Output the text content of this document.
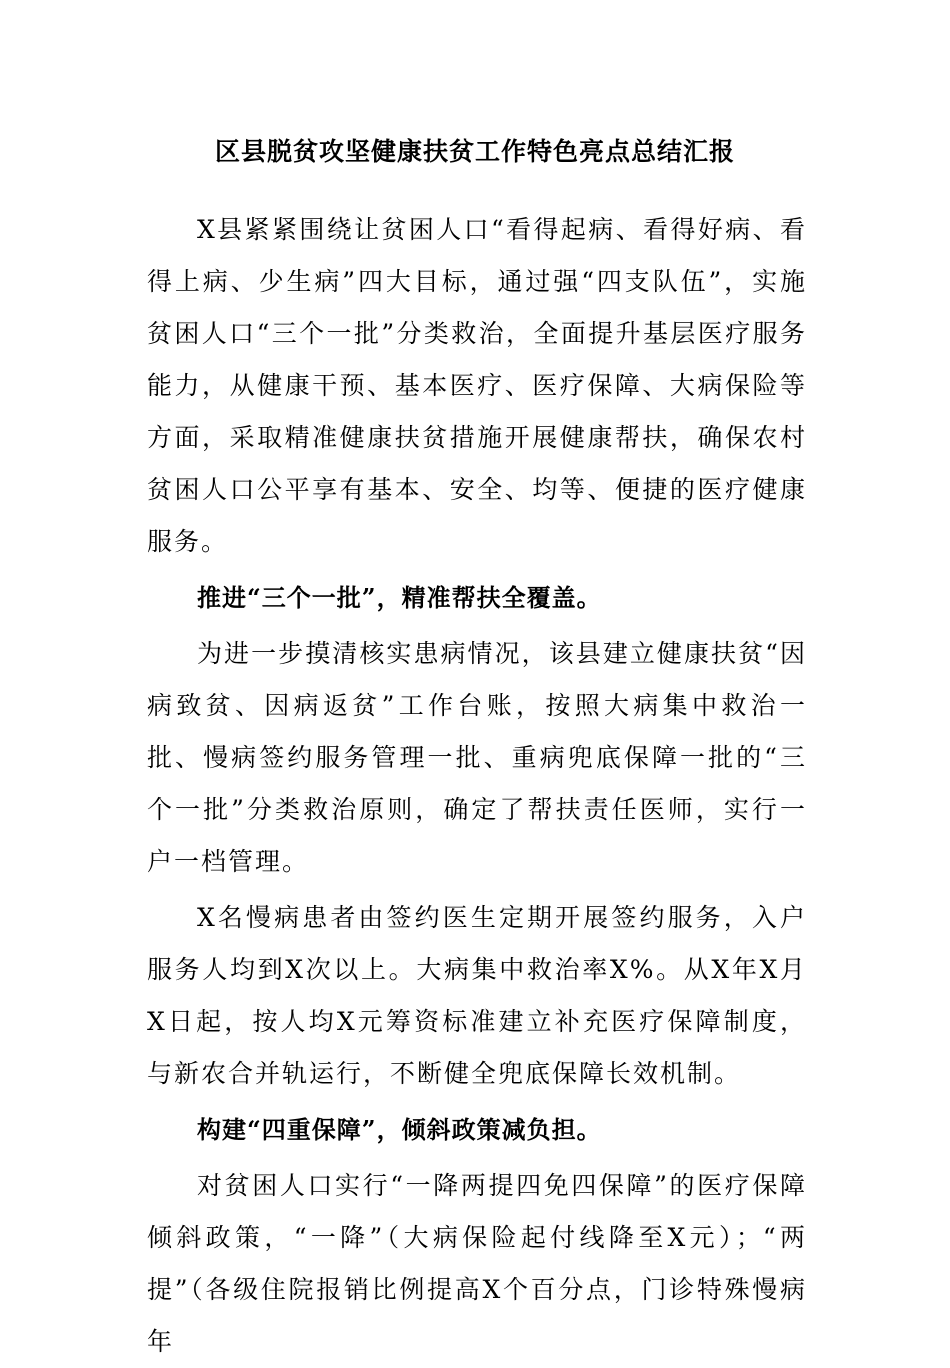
区县脱贫攻坚健康扶贫工作特色亮点总结汇报

X县紧紧围绕让贫困人口“看得起病、看得好病、看得上病、少生病”四大目标，通过强“四支队伍”，实施贫困人口“三个一批”分类救治，全面提升基层医疗服务能力，从健康干预、基本医疗、医疗保障、大病保险等方面，采取精准健康扶贫措施开展健康帮扶，确保农村贫困人口公平享有基本、安全、均等、便捷的医疗健康服务。

推进“三个一批”，精准帮扶全覆盖。

为进一步摸清核实患病情况，该县建立健康扶贫“因病致贫、因病返贫”工作台账，按照大病集中救治一批、慢病签约服务管理一批、重病兜底保障一批的“三个一批”分类救治原则，确定了帮扶责任医师，实行一户一档管理。

X名慢病患者由签约医生定期开展签约服务，入户服务人均到X次以上。大病集中救治率X%。从X年X月X日起，按人均X元筹资标准建立补充医疗保障制度，与新农合并轨运行，不断健全兜底保障长效机制。

构建“四重保障”，倾斜政策减负担。

对贫困人口实行“一降两提四免四保障”的医疗保障倾斜政策，“一降”（大病保险起付线降至X元）；“两提”（各级住院报销比例提高X个百分点，门诊特殊慢病年
